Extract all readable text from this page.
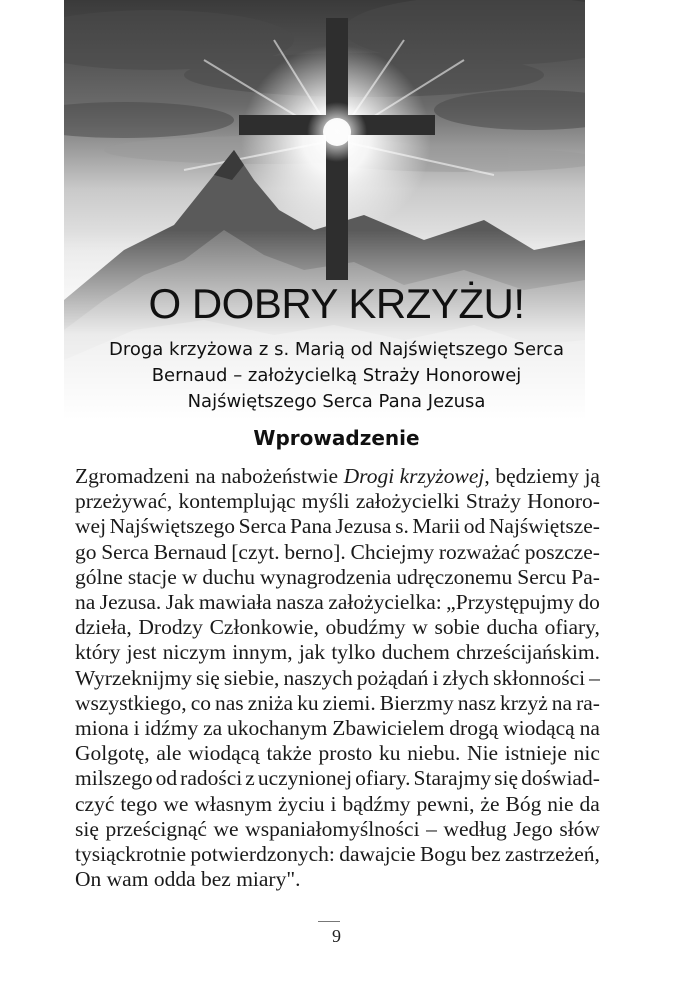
O DOBRY KRZYŻU!
Droga krzyżowa z s. Marią od Najświętszego Serca
Bernaud – założycielką Straży Honorowej
Najświętszego Serca Pana Jezusa
Wprowadzenie
Zgromadzeni na nabożeństwie Drogi krzyżowej, będziemy ją
przeżywać, kontemplując myśli założycielki Straży Honoro-
wej Najświętszego Serca Pana Jezusa s. Marii od Najświętsze-
go Serca Bernaud [czyt. berno]. Chciejmy rozważać poszcze-
gólne stacje w duchu wynagrodzenia udręczonemu Sercu Pa-
na Jezusa. Jak mawiała nasza założycielka: „Przystępujmy do
dzieła, Drodzy Członkowie, obudźmy w sobie ducha ofiary,
który jest niczym innym, jak tylko duchem chrześcijańskim.
Wyrzeknijmy się siebie, naszych pożądań i złych skłonności –
wszystkiego, co nas zniża ku ziemi. Bierzmy nasz krzyż na ra-
miona i idźmy za ukochanym Zbawicielem drogą wiodącą na
Golgotę, ale wiodącą także prosto ku niebu. Nie istnieje nic
milszego od radości z uczynionej ofiary. Starajmy się doświad-
czyć tego we własnym życiu i bądźmy pewni, że Bóg nie da
się prześcignąć we wspaniałomyślności – według Jego słów
tysiąckrotnie potwierdzonych: dawajcie Bogu bez zastrzeżeń,
On wam odda bez miary".
9
